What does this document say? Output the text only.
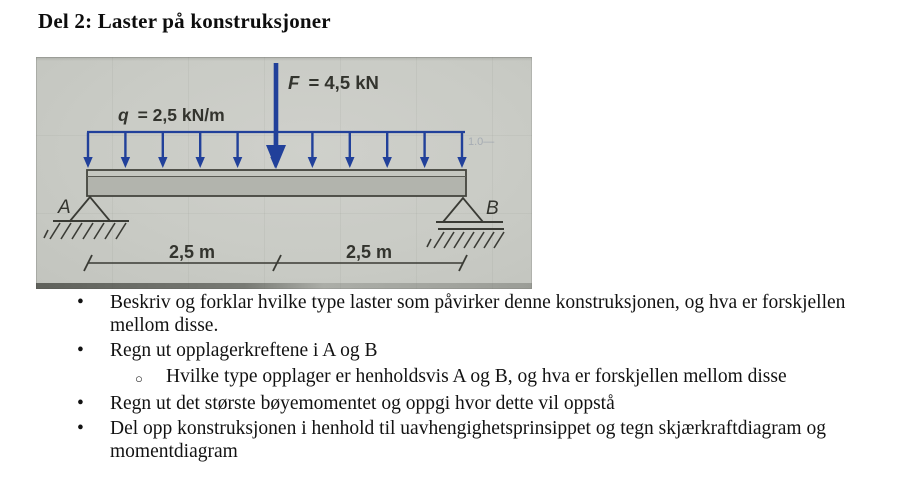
Del 2: Laster på konstruksjoner
1.0—
q = 2,5 kN/m
F = 4,5 kN
A	B
2,5 m	2,5 m
•	Beskriv og forklar hvilke type laster som påvirker denne konstruksjonen, og hva er forskjellen
mellom disse.
•	Regn ut opplagerkreftene i A og B
○	Hvilke type opplager er henholdsvis A og B, og hva er forskjellen mellom disse
•	Regn ut det største bøyemomentet og oppgi hvor dette vil oppstå
•	Del opp konstruksjonen i henhold til uavhengighetsprinsippet og tegn skjærkraftdiagram og
momentdiagram
